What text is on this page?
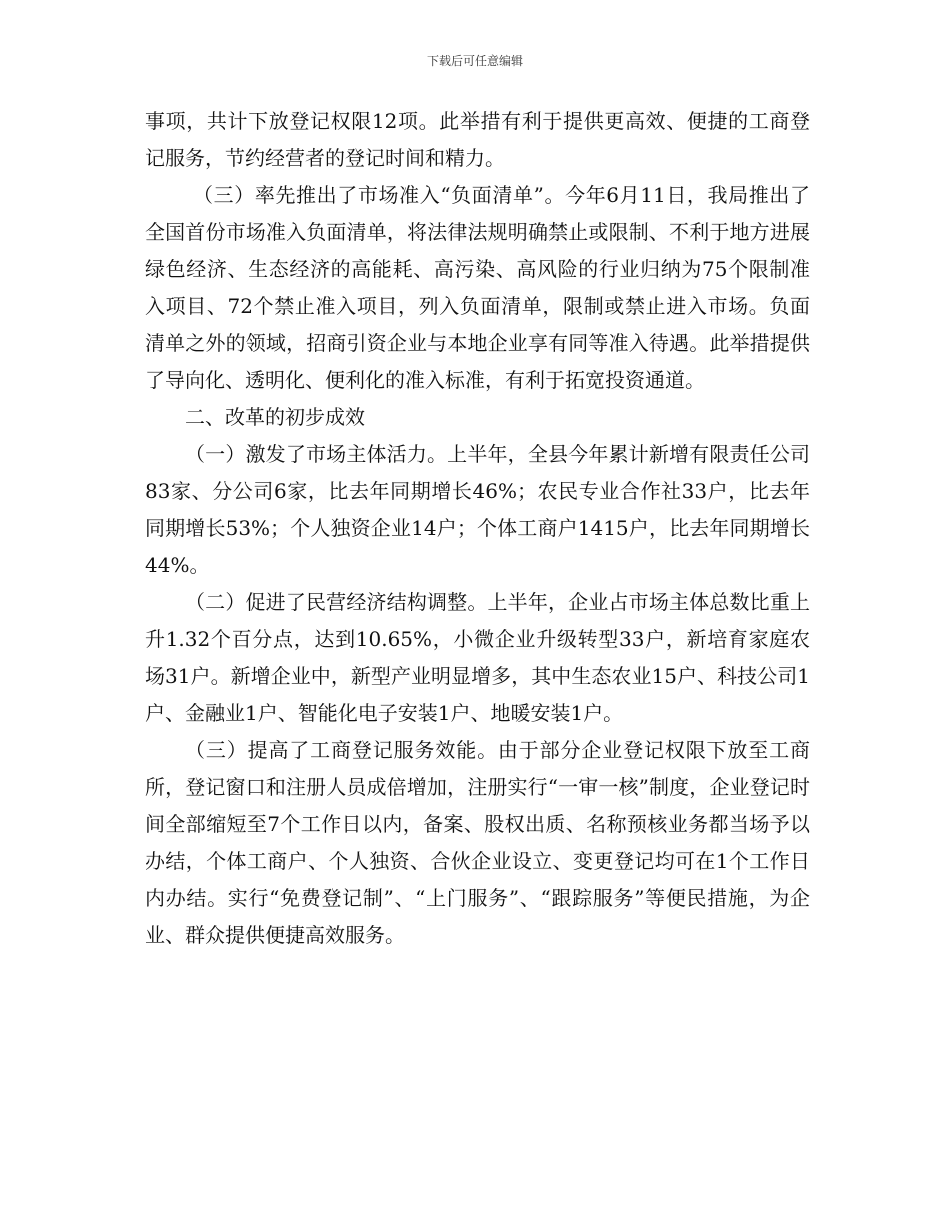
下载后可任意编辑

事项，共计下放登记权限12项。此举措有利于提供更高效、便捷的工商登记服务，节约经营者的登记时间和精力。

（三）率先推出了市场准入“负面清单”。今年6月11日，我局推出了全国首份市场准入负面清单，将法律法规明确禁止或限制、不利于地方进展绿色经济、生态经济的高能耗、高污染、高风险的行业归纳为75个限制准入项目、72个禁止准入项目，列入负面清单，限制或禁止进入市场。负面清单之外的领域，招商引资企业与本地企业享有同等准入待遇。此举措提供了导向化、透明化、便利化的准入标准，有利于拓宽投资通道。

二、改革的初步成效

（一）激发了市场主体活力。上半年，全县今年累计新增有限责任公司83家、分公司6家，比去年同期增长46%；农民专业合作社33户，比去年同期增长53%；个人独资企业14户；个体工商户1415户，比去年同期增长44%。

（二）促进了民营经济结构调整。上半年，企业占市场主体总数比重上升1.32个百分点，达到10.65%，小微企业升级转型33户，新培育家庭农场31户。新增企业中，新型产业明显增多，其中生态农业15户、科技公司1户、金融业1户、智能化电子安装1户、地暖安装1户。

（三）提高了工商登记服务效能。由于部分企业登记权限下放至工商所，登记窗口和注册人员成倍增加，注册实行“一审一核”制度，企业登记时间全部缩短至7个工作日以内，备案、股权出质、名称预核业务都当场予以办结，个体工商户、个人独资、合伙企业设立、变更登记均可在1个工作日内办结。实行“免费登记制”、“上门服务”、“跟踪服务”等便民措施，为企业、群众提供便捷高效服务。
